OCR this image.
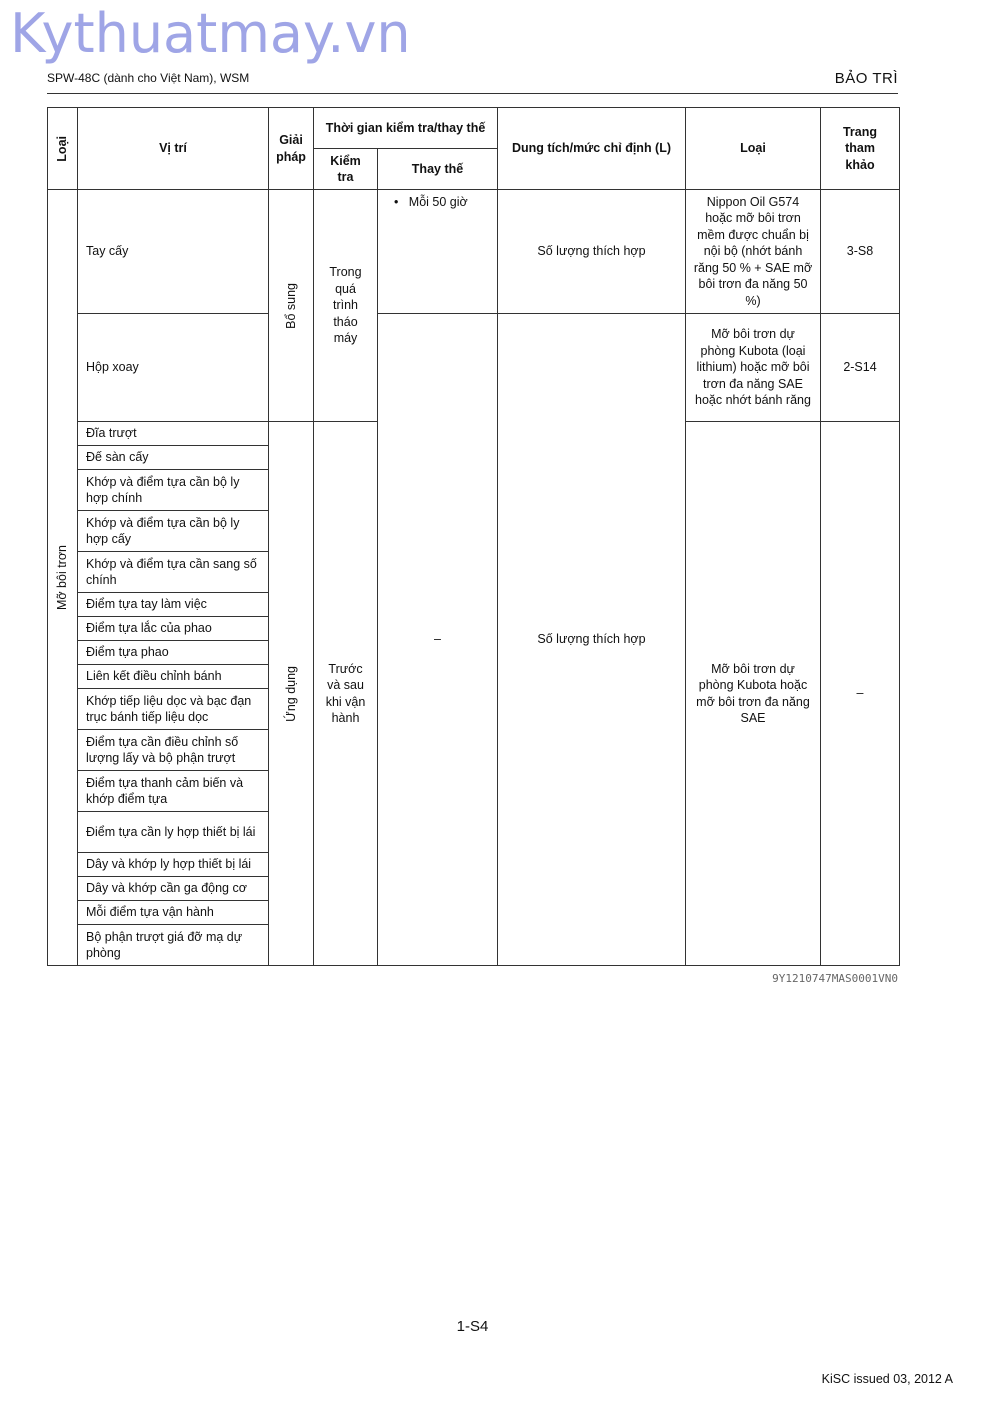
Kythuatmay.vn
SPW-48C (dành cho Việt Nam), WSM	BẢO TRÌ
Loại	Vị trí	Giải pháp	Thời gian kiểm tra/thay thế		Dung tích/mức chỉ định (L)	Loại	Trang tham khảo

			Kiểm tra	Thay thế			

Mỡ bôi trơn	Tay cấy	Bổ sung	Trong quá trình tháo máy	•   Mỗi 50 giờ	Số lượng thích hợp	Nippon Oil G574 hoặc mỡ bôi trơn mềm được chuẩn bị nội bộ (nhớt bánh răng 50 % + SAE mỡ bôi trơn đa năng 50 %)	3-S8
	Hộp xoay			–	Số lượng thích hợp	Mỡ bôi trơn dự phòng Kubota (loại lithium) hoặc mỡ bôi trơn đa năng SAE hoặc nhớt bánh răng	2-S14
	Đĩa trượt	Ứng dụng	Trước và sau khi vận hành			Mỡ bôi trơn dự phòng Kubota hoặc mỡ bôi trơn đa năng SAE	–
	Đế sàn cấy						
	Khớp và điểm tựa cần bộ ly hợp chính						
	Khớp và điểm tựa cần bộ ly hợp cấy						
	Khớp và điểm tựa cần sang số chính						
	Điểm tựa tay làm việc						
	Điểm tựa lắc của phao						
	Điểm tựa phao						
	Liên kết điều chỉnh bánh						
	Khớp tiếp liệu dọc và bạc đạn trục bánh tiếp liệu dọc						
	Điểm tựa cần điều chỉnh số lượng lấy và bộ phận trượt						
	Điểm tựa thanh cảm biến và khớp điểm tựa						
	Điểm tựa cần ly hợp thiết bị lái						
	Dây và khớp ly hợp thiết bị lái						
	Dây và khớp cần ga động cơ						
	Mỗi điểm tựa vận hành						
	Bộ phận trượt giá đỡ mạ dự phòng						
9Y1210747MAS0001VN0
1-S4
KiSC issued 03, 2012 A
